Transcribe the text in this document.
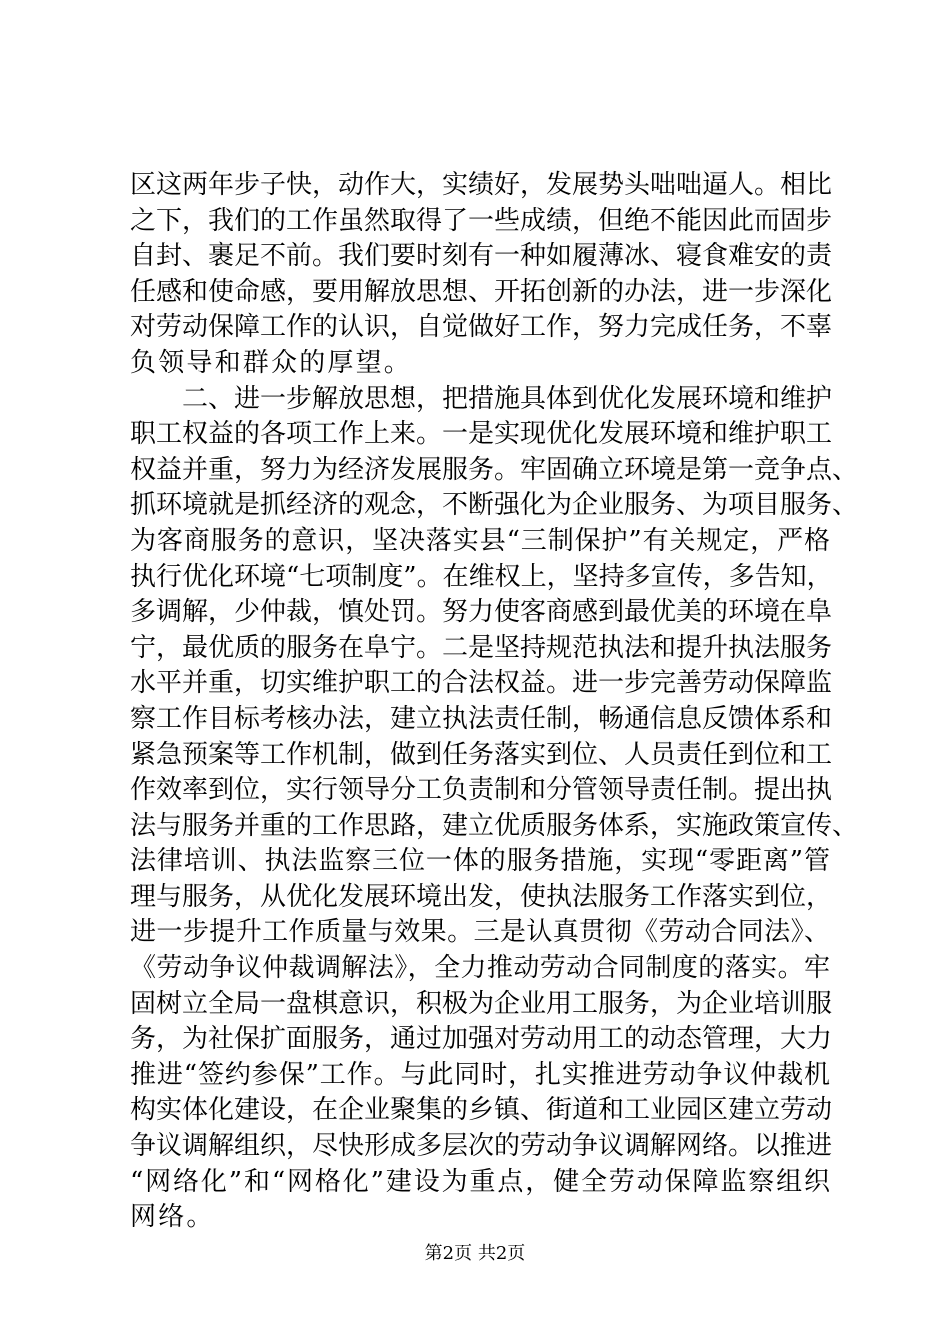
区这两年步子快，动作大，实绩好，发展势头咄咄逼人。相比
之下，我们的工作虽然取得了一些成绩，但绝不能因此而固步
自封、裹足不前。我们要时刻有一种如履薄冰、寝食难安的责
任感和使命感，要用解放思想、开拓创新的办法，进一步深化
对劳动保障工作的认识，自觉做好工作，努力完成任务，不辜
负领导和群众的厚望。
　　二、进一步解放思想，把措施具体到优化发展环境和维护
职工权益的各项工作上来。一是实现优化发展环境和维护职工
权益并重，努力为经济发展服务。牢固确立环境是第一竞争点、
抓环境就是抓经济的观念，不断强化为企业服务、为项目服务、
为客商服务的意识，坚决落实县“三制保护”有关规定，严格
执行优化环境“七项制度”。在维权上，坚持多宣传，多告知，
多调解，少仲裁，慎处罚。努力使客商感到最优美的环境在阜
宁，最优质的服务在阜宁。二是坚持规范执法和提升执法服务
水平并重，切实维护职工的合法权益。进一步完善劳动保障监
察工作目标考核办法，建立执法责任制，畅通信息反馈体系和
紧急预案等工作机制，做到任务落实到位、人员责任到位和工
作效率到位，实行领导分工负责制和分管领导责任制。提出执
法与服务并重的工作思路，建立优质服务体系，实施政策宣传、
法律培训、执法监察三位一体的服务措施，实现“零距离”管
理与服务，从优化发展环境出发，使执法服务工作落实到位，
进一步提升工作质量与效果。三是认真贯彻《劳动合同法》、
《劳动争议仲裁调解法》，全力推动劳动合同制度的落实。牢
固树立全局一盘棋意识，积极为企业用工服务，为企业培训服
务，为社保扩面服务，通过加强对劳动用工的动态管理，大力
推进“签约参保”工作。与此同时，扎实推进劳动争议仲裁机
构实体化建设，在企业聚集的乡镇、街道和工业园区建立劳动
争议调解组织，尽快形成多层次的劳动争议调解网络。以推进
“网络化”和“网格化”建设为重点，健全劳动保障监察组织
网络。
第2页 共2页
